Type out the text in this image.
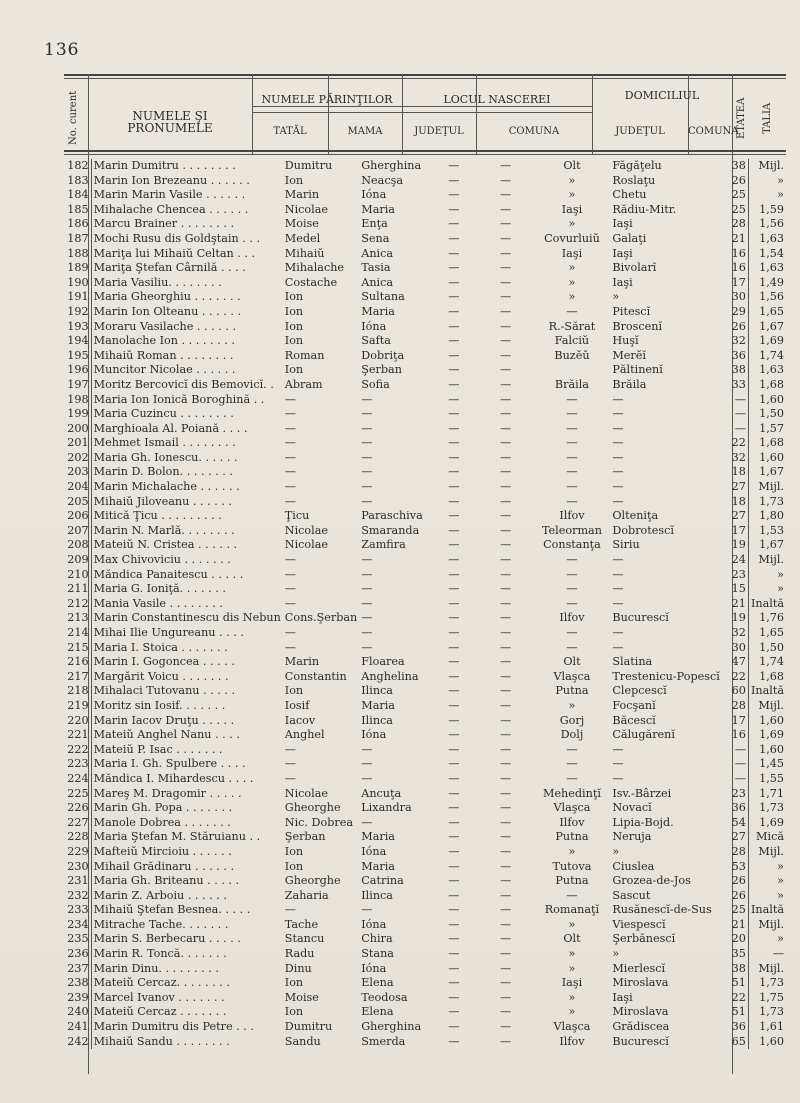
136
No. curent	NUMELE ŞI PRONUMELE
NUMELE PĂRINŢILOR
TATĂL	MAMA
LOCUL NASCEREI
JUDEŢUL	COMUNA
DOMICILIUL
JUDEŢUL	COMUNA
ETATEA	TALIA
182	Marin Dumitru . . . . . . . .	Dumitru	Gherghina	—	—	Olt	Făgăţelu	38	Mijl.
183	Marin Ion Brezeanu . . . . . .	Ion	Neacşa	—	—	»	Roslaţu	26	»
184	Marin Marin Vasile . . . . . .	Marin	Ióna	—	—	»	Chetu	25	»
185	Mihalache Chencea . . . . . .	Nicolae	Maria	—	—	Iaşi	Rădiu-Mitr.	25	1,59
186	Marcu Brainer . . . . . . . .	Moise	Enţa	—	—	»	Iaşi	28	1,56
187	Mochi Rusu dis Goldştain . . .	Medel	Sena	—	—	Covurluiŭ	Galaţi	21	1,63
188	Mariţa lui Mihaiŭ Celtan . . .	Mihaiŭ	Anica	—	—	Iaşi	Iaşi	16	1,54
189	Mariţa Ştefan Cârnilă . . . .	Mihalache	Tasia	—	—	»	Bivolarĭ	16	1,63
190	Maria Vasiliu. . . . . . . .	Costache	Anica	—	—	»	Iaşi	17	1,49
191	Maria Gheorghiu . . . . . . .	Ion	Sultana	—	—	»	»	30	1,56
192	Marin Ion Olteanu . . . . . .	Ion	Maria	—	—	—	Pitescĭ	29	1,65
193	Moraru Vasilache . . . . . .	Ion	Ióna	—	—	R.-Sărat	Broscenĭ	26	1,67
194	Manolache Ion . . . . . . . .	Ion	Safta	—	—	Falciŭ	Huşĭ	32	1,69
195	Mihaiŭ Roman . . . . . . . .	Roman	Dobriţa	—	—	Buzĕŭ	Merĕĭ	36	1,74
196	Muncitor Nicolae . . . . . .	Ion	Şerban	—	—		Păltinenĭ	38	1,63
197	Moritz Bercovicĭ dis Bemovicĭ. .	Abram	Sofia	—	—	Brăila	Brăila	33	1,68
198	Maria Ion Ionică Boroghină . .	—	—	—	—	—	—	—	1,60
199	Maria Cuzincu . . . . . . . .	—	—	—	—	—	—	—	1,50
200	Marghioala Al. Poiană . . . .	—	—	—	—	—	—	—	1,57
201	Mehmet Ismail . . . . . . . .	—	—	—	—	—	—	22	1,68
202	Maria Gh. Ionescu. . . . . .	—	—	—	—	—	—	32	1,60
203	Marin D. Bolon. . . . . . . .	—	—	—	—	—	—	18	1,67
204	Marin Michalache . . . . . .	—	—	—	—	—	—	27	Mijl.
205	Mihaiŭ Jiloveanu . . . . . .	—	—	—	—	—	—	18	1,73
206	Mitică Ţicu . . . . . . . . .	Ţicu	Paraschiva	—	—	Ilfov	Olteniţa	27	1,80
207	Marin N. Marlă. . . . . . . .	Nicolae	Smaranda	—	—	Teleorman	Dobrotescĭ	17	1,53
208	Mateiŭ N. Cristea . . . . . .	Nicolae	Zamfira	—	—	Constanţa	Siriu	19	1,67
209	Max Chivoviciu . . . . . . .	—	—	—	—	—	—	24	Mijl.
210	Măndica Panaitescu . . . . .	—	—	—	—	—	—	23	»
211	Maria G. Ioniţă. . . . . . .	—	—	—	—	—	—	15	»
212	Mania Vasile . . . . . . . .	—	—	—	—	—	—	21	Inaltă
213	Marin Constantinescu dis Nebun	Cons.Şerban	—	—	—	Ilfov	Bucurescĭ	19	1,76
214	Mihai Ilie Ungureanu . . . .	—	—	—	—	—	—	32	1,65
215	Maria I. Stoica . . . . . . .	—	—	—	—	—	—	30	1,50
216	Marin I. Gogoncea . . . . .	Marin	Floarea	—	—	Olt	Slatina	47	1,74
217	Margărit Voicu . . . . . . .	Constantin	Anghelina	—	—	Vlaşca	Trestenicu-Popescĭ	22	1,68
218	Mihalaci Tutovanu . . . . .	Ion	Ilinca	—	—	Putna	Clepcescĭ	60	Inaltă
219	Moritz sin Iosif. . . . . . .	Iosif	Maria	—	—	»	Focşanĭ	28	Mijl.
220	Marin Iacov Druţu . . . . .	Iacov	Ilinca	—	—	Gorj	Băcescĭ	17	1,60
221	Mateiŭ Anghel Nanu . . . .	Anghel	Ióna	—	—	Dolj	Călugărenĭ	16	1,69
222	Mateiŭ P. Isac . . . . . . .	—	—	—	—	—	—	—	1,60
223	Maria I. Gh. Spulbere . . . .	—	—	—	—	—	—	—	1,45
224	Măndica I. Mihardescu . . . .	—	—	—	—	—	—	—	1,55
225	Mareş M. Dragomir . . . . .	Nicolae	Ancuţa	—	—	Mehedinţĭ	Isv.-Bârzei	23	1,71
226	Marin Gh. Popa . . . . . . .	Gheorghe	Lixandra	—	—	Vlaşca	Novacĭ	36	1,73
227	Manole Dobrea . . . . . . .	Nic. Dobrea	—	—	—	Ilfov	Lipia-Bojd.	54	1,69
228	Maria Ştefan M. Stăruianu . .	Şerban	Maria	—	—	Putna	Neruja	27	Mică
229	Mafteiŭ Mircioiu . . . . . .	Ion	Ióna	—	—	»	»	28	Mijl.
230	Mihail Grădinaru . . . . . .	Ion	Maria	—	—	Tutova	Ciuslea	53	»
231	Maria Gh. Briteanu . . . . .	Gheorghe	Catrina	—	—	Putna	Grozea-de-Jos	26	»
232	Marin Z. Arboiu . . . . . .	Zaharia	Ilinca	—	—	—	Sascut	26	»
233	Mihaiŭ Ştefan Besnea. . . . .	—	—	—	—	Romanaţĭ	Rusănescĭ-de-Sus	25	Inaltă
234	Mitrache Tache. . . . . . .	Tache	Ióna	—	—	»	Viespescĭ	21	Mijl.
235	Marin S. Berbecaru . . . . .	Stancu	Chira	—	—	Olt	Şerbănescĭ	20	»
236	Marin R. Toncă. . . . . . .	Radu	Stana	—	—	»	»	35	—
237	Marin Dinu. . . . . . . . .	Dinu	Ióna	—	—	»	Mierlescĭ	38	Mijl.
238	Mateiŭ Cercaz. . . . . . . .	Ion	Elena	—	—	Iaşi	Miroslava	51	1,73
239	Marcel Ivanov . . . . . . .	Moise	Teodosa	—	—	»	Iaşi	22	1,75
240	Mateiŭ Cercaz . . . . . . .	Ion	Elena	—	—	»	Miroslava	51	1,73
241	Marin Dumitru dis Petre . . .	Dumitru	Gherghina	—	—	Vlaşca	Grădiscea	36	1,61
242	Mihaiŭ Sandu . . . . . . . .	Sandu	Smerda	—	—	Ilfov	Bucurescĭ	65	1,60
